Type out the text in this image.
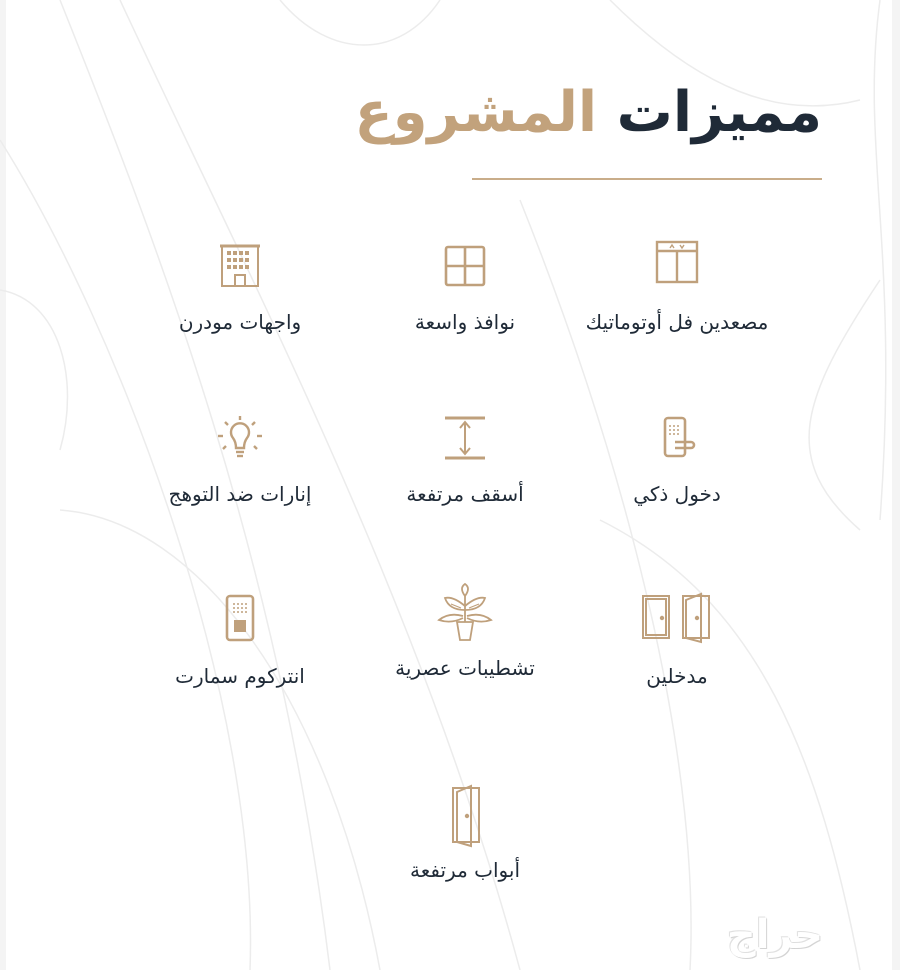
مميزات المشروع
مصعدين فل أوتوماتيك
نوافذ واسعة
واجهات مودرن
دخول ذكي
أسقف مرتفعة
إنارات ضد التوهج
مدخلين
تشطيبات عصرية
انتركوم سمارت
أبواب مرتفعة
حراج
